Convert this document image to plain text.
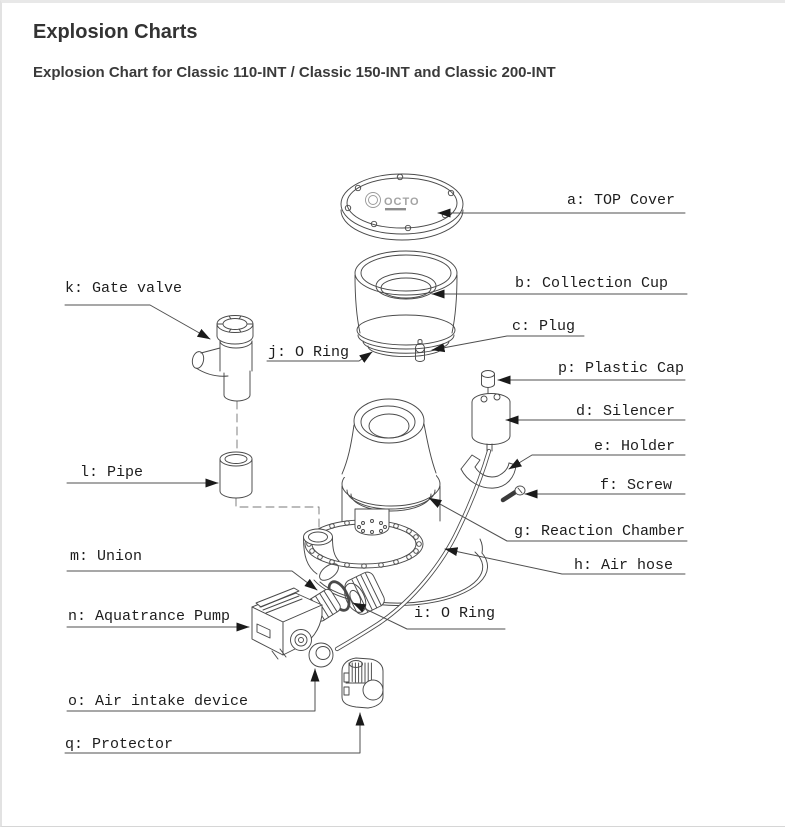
Explosion Charts
Explosion Chart for Classic 110-INT / Classic 150-INT and Classic 200-INT
OCTO	a: TOP Cover
b: Collection Cup
c: Plug
j: O Ring
p: Plastic Cap
d: Silencer
e: Holder
f: Screw
g: Reaction Chamber
h: Air hose
k: Gate valve
l: Pipe
m: Union
n: Aquatrance Pump	i: O Ring
o: Air intake device
q: Protector
